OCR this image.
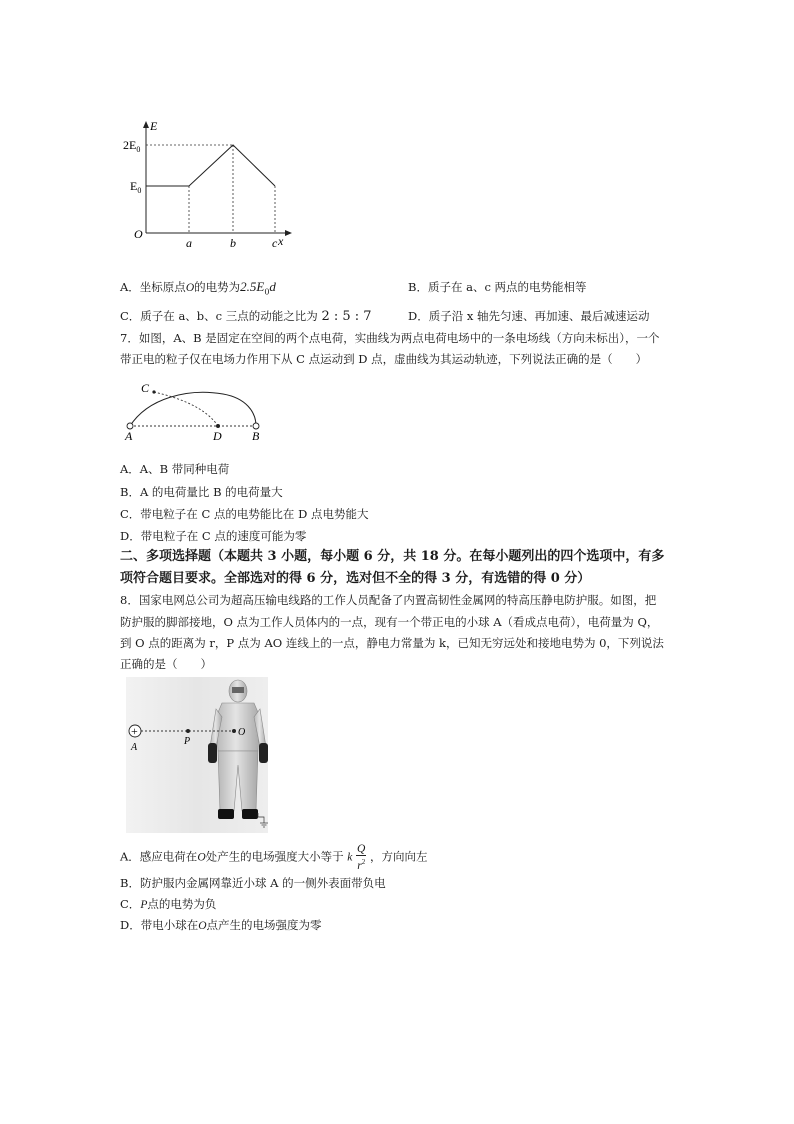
E
x
O
$2E_0$
$E_0$
a	b	c
A．坐标原点O的电势为$2.5E_0d$	B．质子在 a、c 两点的电势能相等
C．质子在 a、b、c 三点的动能之比为 2 : 5 : 7	D．质子沿 x 轴先匀速、再加速、最后减速运动
7．如图，A、B 是固定在空间的两个点电荷，实曲线为两点电荷电场中的一条电场线（方向未标出），一个
带正电的粒子仅在电场力作用下从 C 点运动到 D 点，虚曲线为其运动轨迹，下列说法正确的是（　　）
C
A	D	B
A．A、B 带同种电荷
B．A 的电荷量比 B 的电荷量大
C．带电粒子在 C 点的电势能比在 D 点电势能大
D．带电粒子在 C 点的速度可能为零
二、多项选择题（本题共 3 小题，每小题 6 分，共 18 分。在每小题列出的四个选项中，有多
项符合题目要求。全部选对的得 6 分，选对但不全的得 3 分，有选错的得 0 分）
8．国家电网总公司为超高压输电线路的工作人员配备了内置高韧性金属网的特高压静电防护服。如图，把
防护服的脚部接地，O 点为工作人员体内的一点，现有一个带正电的小球 A（看成点电荷），电荷量为 Q，
到 O 点的距离为 r，P 点为 AO 连线上的一点，静电力常量为 k，已知无穷远处和接地电势为 0，下列说法
正确的是（　　）
+
A
P
O
A．感应电荷在O处产生的电场强度大小等于 k $\frac{Q}{r^2}$ ，方向向左
B．防护服内金属网靠近小球 A 的一侧外表面带负电
C．P点的电势为负
D．带电小球在O点产生的电场强度为零
